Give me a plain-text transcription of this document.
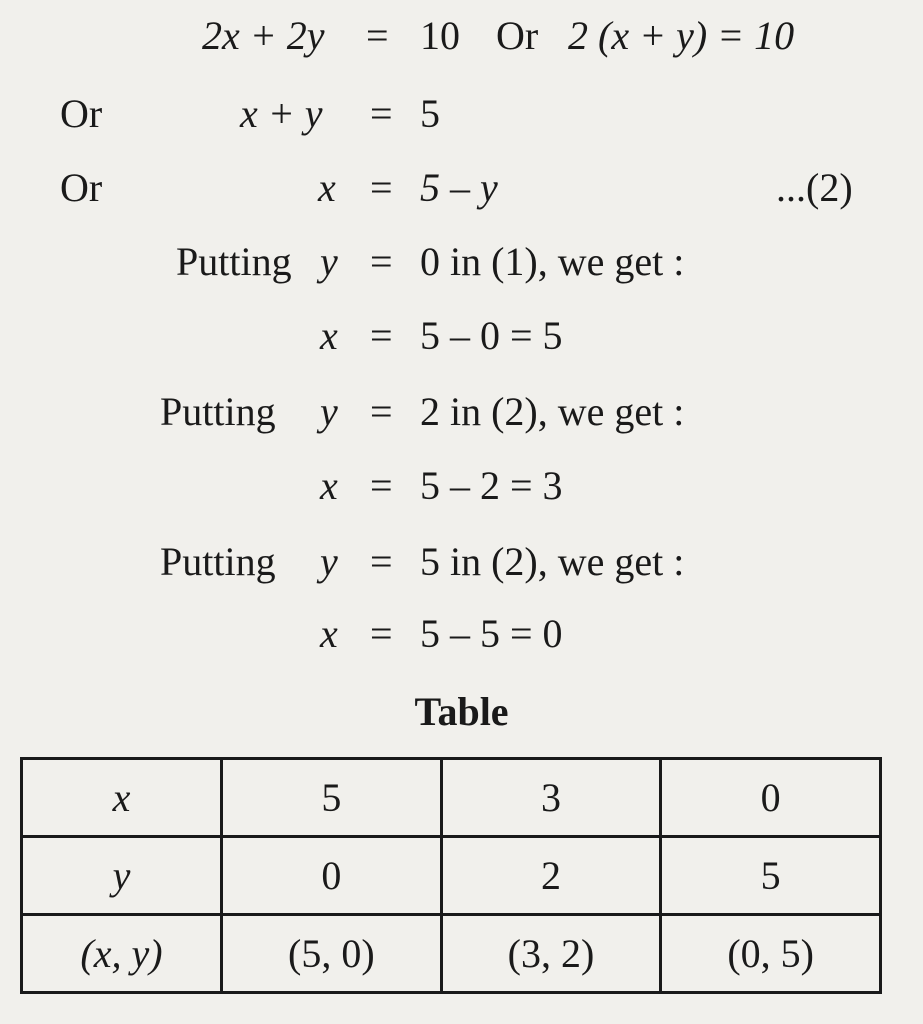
2x + 2y = 10 Or 2 (x + y) = 10
Or	x + y = 5
Or	x = 5 – y	...(2)
Putting y = 0 in (1), we get :
x = 5 – 0 = 5
Putting y = 2 in (2), we get :
x = 5 – 2 = 3
Putting y = 5 in (2), we get :
x = 5 – 5 = 0
Table
x	5	3	0
y	0	2	5
(x, y)	(5, 0)	(3, 2)	(0, 5)
